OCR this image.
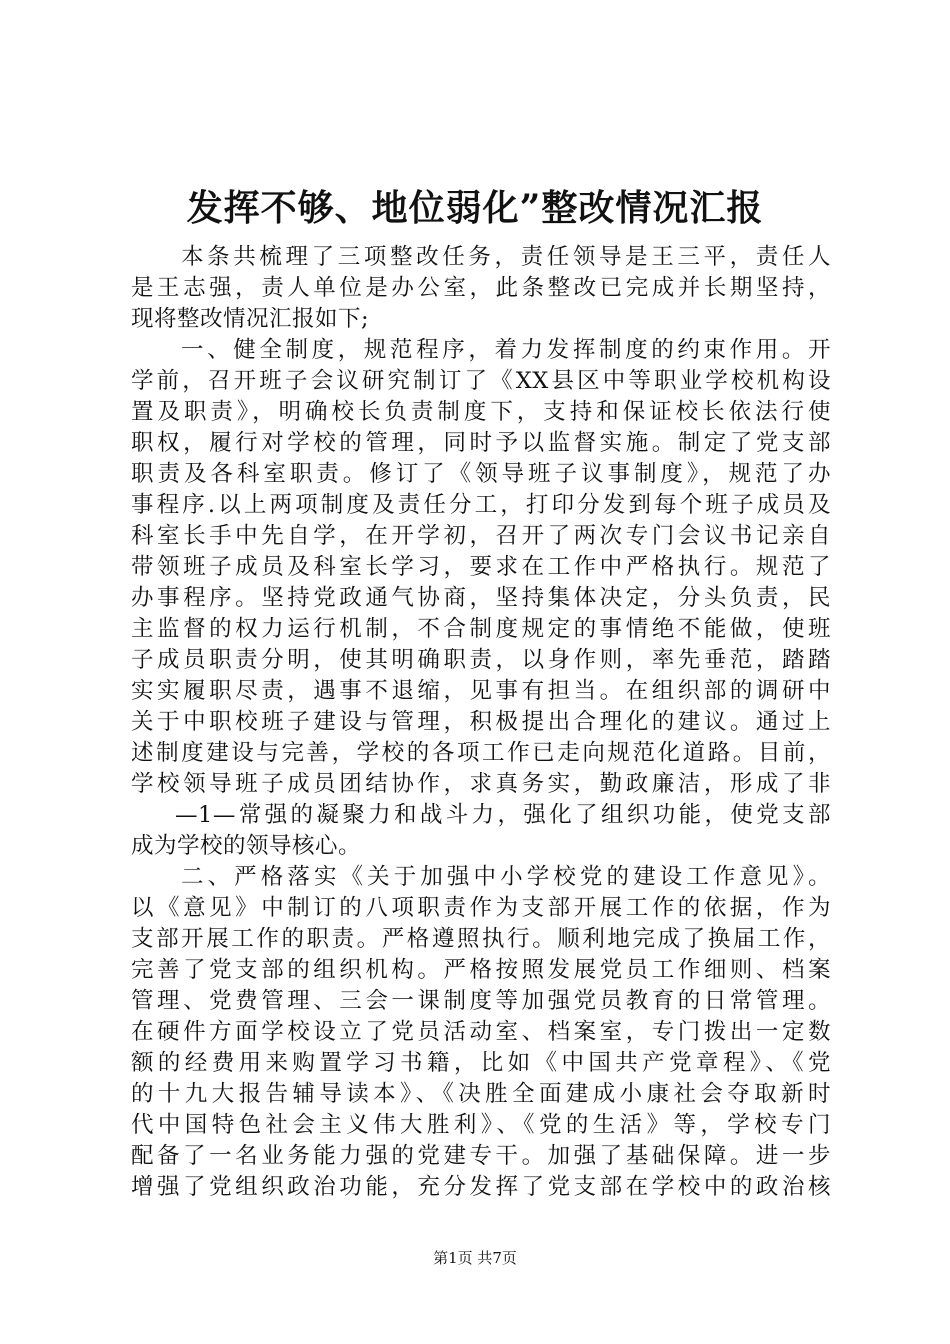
发挥不够、地位弱化”整改情况汇报
本条共梳理了三项整改任务，责任领导是王三平，责任人
是王志强，责人单位是办公室，此条整改已完成并长期坚持，
现将整改情况汇报如下;
一、健全制度，规范程序，着力发挥制度的约束作用。开
学前，召开班子会议研究制订了《XX县区中等职业学校机构设
置及职责》，明确校长负责制度下，支持和保证校长依法行使
职权，履行对学校的管理，同时予以监督实施。制定了党支部
职责及各科室职责。修订了《领导班子议事制度》，规范了办
事程序.以上两项制度及责任分工，打印分发到每个班子成员及
科室长手中先自学，在开学初，召开了两次专门会议书记亲自
带领班子成员及科室长学习，要求在工作中严格执行。规范了
办事程序。坚持党政通气协商，坚持集体决定，分头负责，民
主监督的权力运行机制，不合制度规定的事情绝不能做，使班
子成员职责分明，使其明确职责，以身作则，率先垂范，踏踏
实实履职尽责，遇事不退缩，见事有担当。在组织部的调研中
关于中职校班子建设与管理，积极提出合理化的建议。通过上
述制度建设与完善，学校的各项工作已走向规范化道路。目前，
学校领导班子成员团结协作，求真务实，勤政廉洁，形成了非
—1—常强的凝聚力和战斗力，强化了组织功能，使党支部
成为学校的领导核心。
二、严格落实《关于加强中小学校党的建设工作意见》。
以《意见》中制订的八项职责作为支部开展工作的依据，作为
支部开展工作的职责。严格遵照执行。顺利地完成了换届工作，
完善了党支部的组织机构。严格按照发展党员工作细则、档案
管理、党费管理、三会一课制度等加强党员教育的日常管理。
在硬件方面学校设立了党员活动室、档案室，专门拨出一定数
额的经费用来购置学习书籍，比如《中国共产党章程》、《党
的十九大报告辅导读本》、《决胜全面建成小康社会夺取新时
代中国特色社会主义伟大胜利》、《党的生活》等，学校专门
配备了一名业务能力强的党建专干。加强了基础保障。进一步
增强了党组织政治功能，充分发挥了党支部在学校中的政治核
第1页 共7页
